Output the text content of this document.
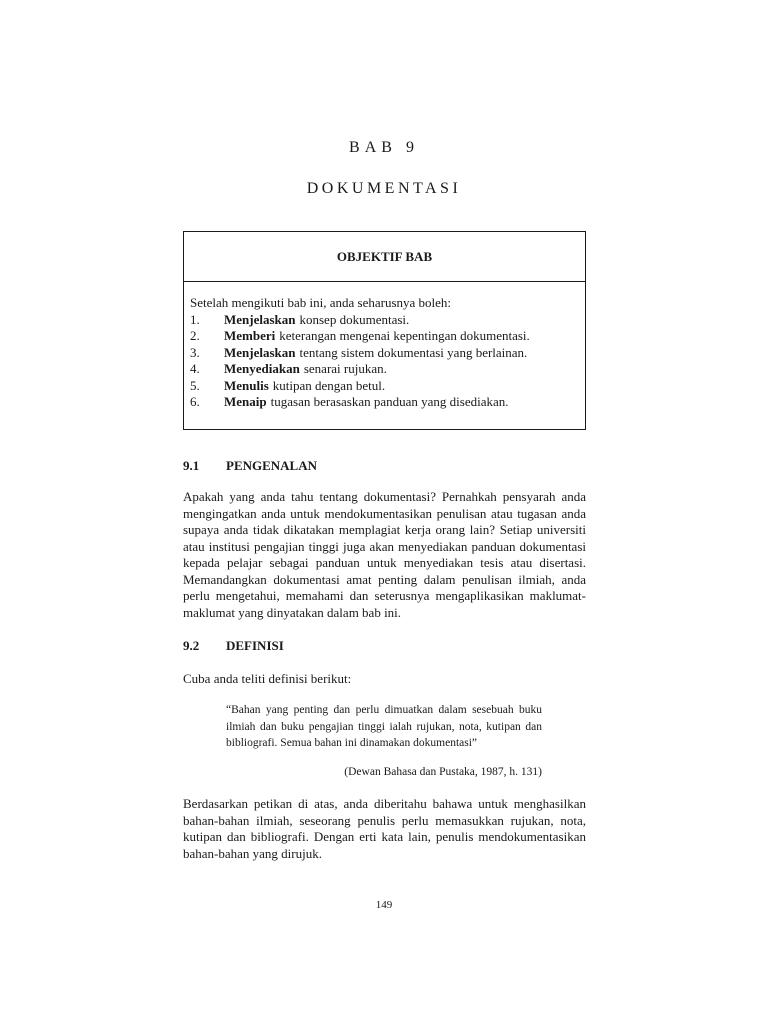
BAB 9
DOKUMENTASI
OBJEKTIF BAB
Setelah mengikuti bab ini, anda seharusnya boleh:
1.	Menjelaskan konsep dokumentasi.
2.	Memberi keterangan mengenai kepentingan dokumentasi.
3.	Menjelaskan tentang sistem dokumentasi yang berlainan.
4.	Menyediakan senarai rujukan.
5.	Menulis kutipan dengan betul.
6.	Menaip tugasan berasaskan panduan yang disediakan.
9.1	PENGENALAN

Apakah yang anda tahu tentang dokumentasi? Pernahkah pensyarah anda mengingatkan anda untuk mendokumentasikan penulisan atau tugasan anda supaya anda tidak dikatakan memplagiat kerja orang lain? Setiap universiti atau institusi pengajian tinggi juga akan menyediakan panduan dokumentasi kepada pelajar sebagai panduan untuk menyediakan tesis atau disertasi. Memandangkan dokumentasi amat penting dalam penulisan ilmiah, anda perlu mengetahui, memahami dan seterusnya mengaplikasikan maklumat-maklumat yang dinyatakan dalam bab ini.

9.2	DEFINISI

Cuba anda teliti definisi berikut:

“Bahan yang penting dan perlu dimuatkan dalam sesebuah buku ilmiah dan buku pengajian tinggi ialah rujukan, nota, kutipan dan bibliografi. Semua bahan ini dinamakan dokumentasi”

(Dewan Bahasa dan Pustaka, 1987, h. 131)

Berdasarkan petikan di atas, anda diberitahu bahawa untuk menghasilkan bahan-bahan ilmiah, seseorang penulis perlu memasukkan rujukan, nota, kutipan dan bibliografi. Dengan erti kata lain, penulis mendokumentasikan bahan-bahan yang dirujuk.

149
